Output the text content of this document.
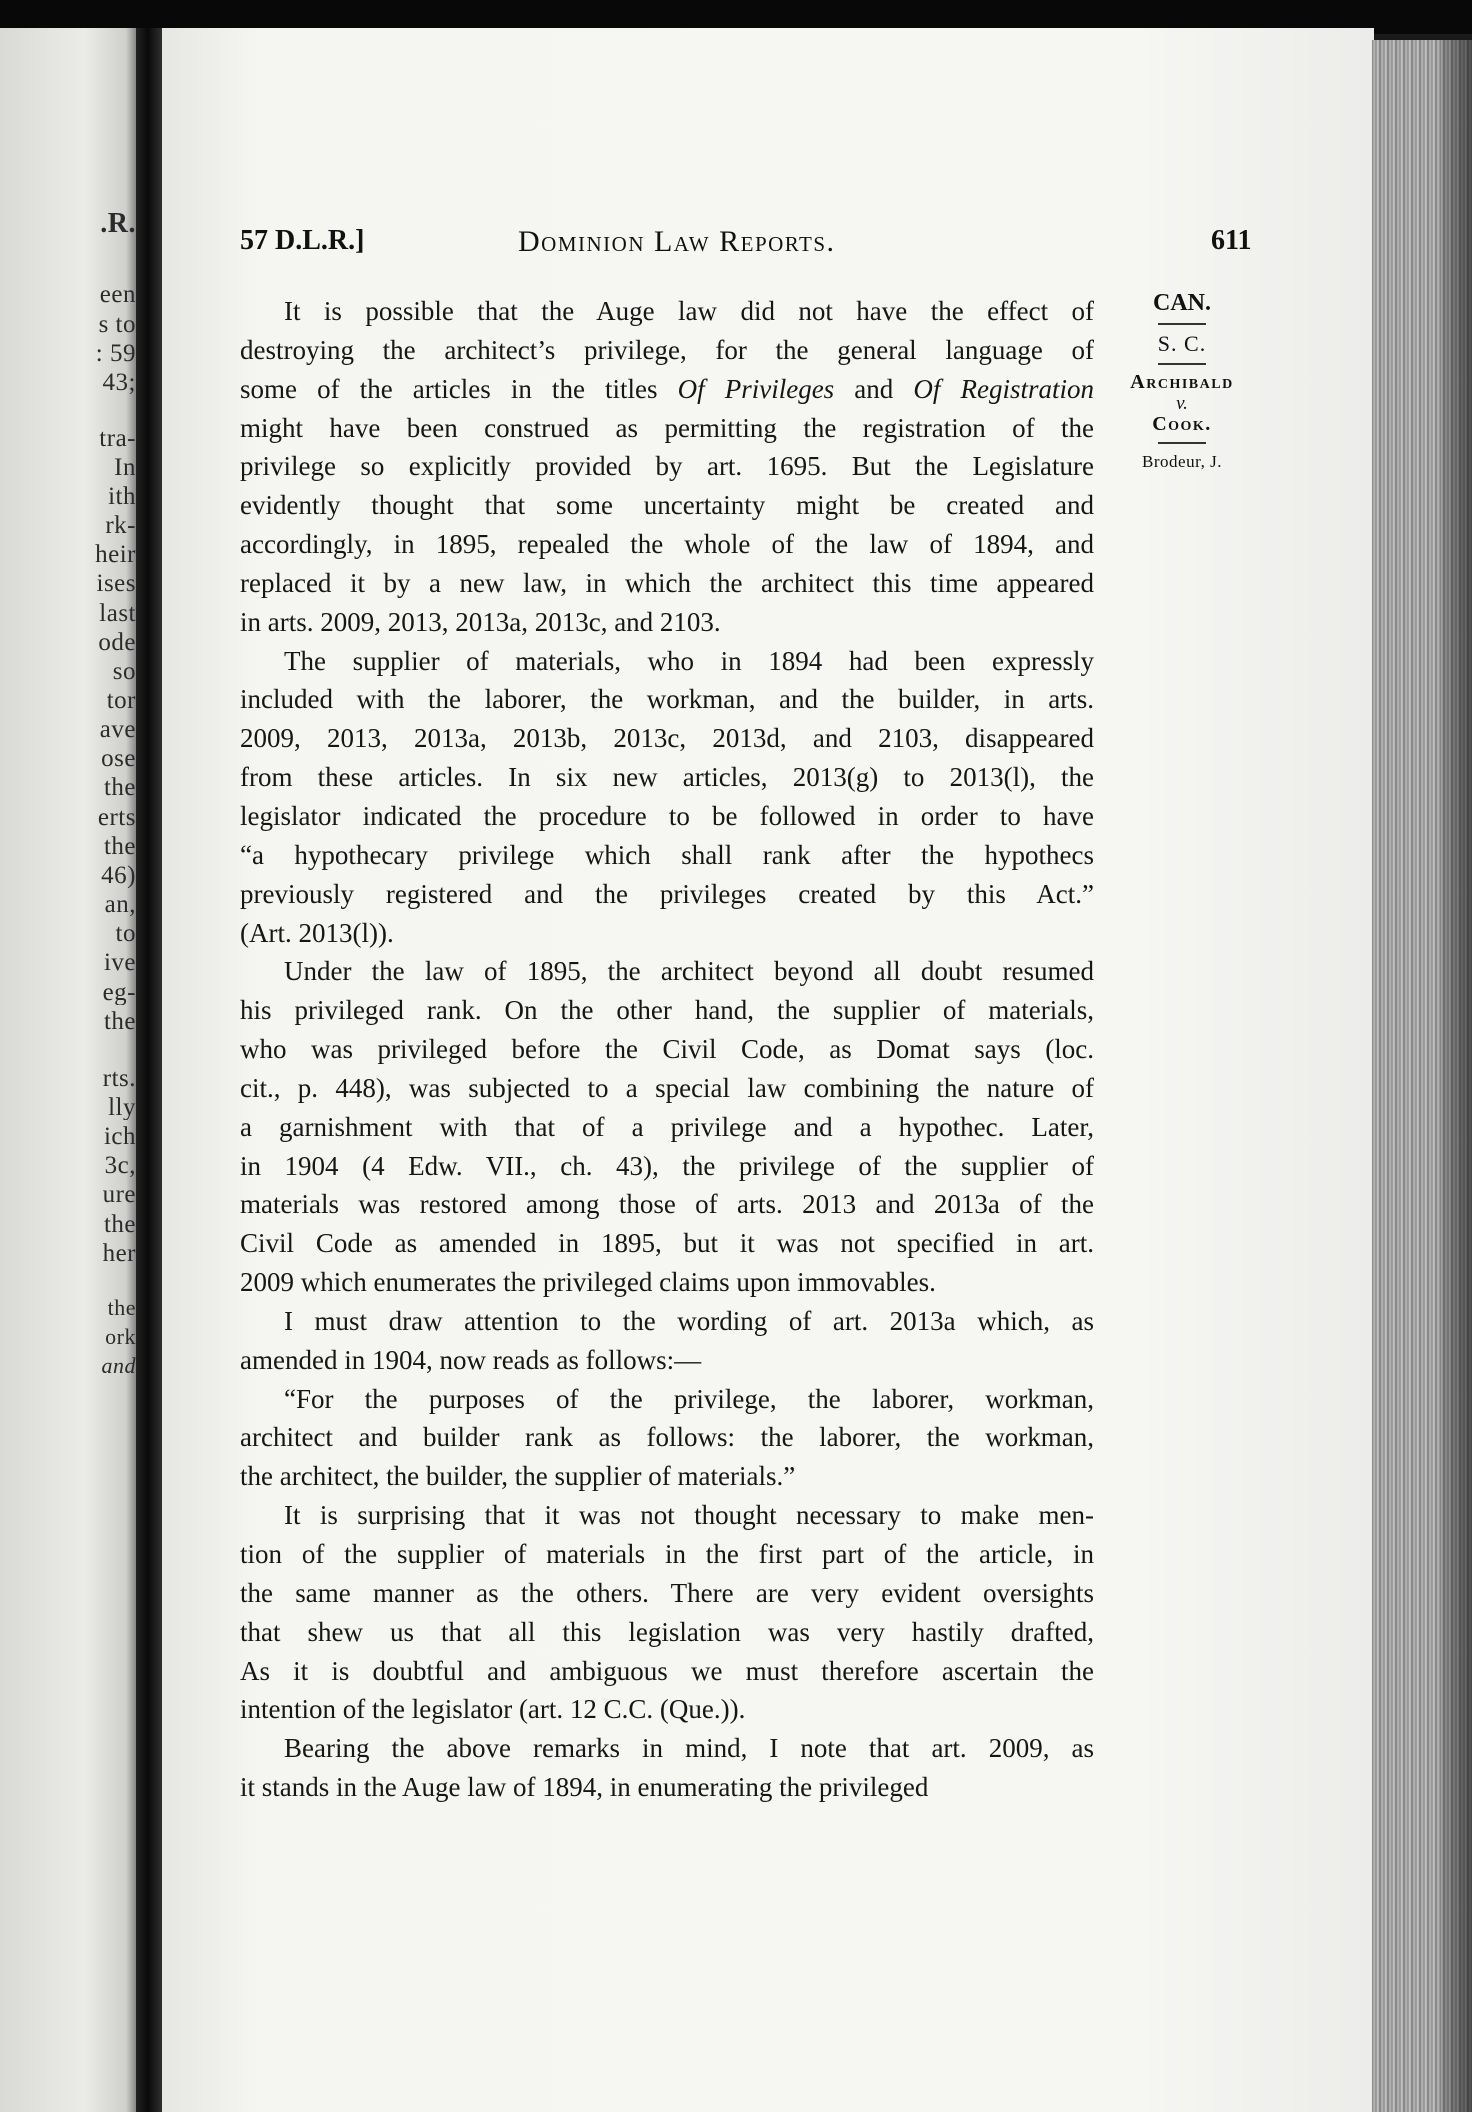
.R.
een
s to
: 59
43;
tra-
In
ith
rk-
heir
ises
last
ode
so
tor
ave
ose
the
erts
the
46)
an,
to
ive
eg-
the
rts.
lly
ich
3c,
ure
the
her
the
ork
and
57 D.L.R.]	Dominion Law Reports.	611
CAN.
S. C.
Archibald
v.
Cook.
Brodeur, J.
It is possible that the Auge law did not have the effect of
destroying the architect’s privilege, for the general language of
some of the articles in the titles Of Privileges and Of Registration
might have been construed as permitting the registration of the
privilege so explicitly provided by art. 1695. But the Legislature
evidently thought that some uncertainty might be created and
accordingly, in 1895, repealed the whole of the law of 1894, and
replaced it by a new law, in which the architect this time appeared
in arts. 2009, 2013, 2013a, 2013c, and 2103.
The supplier of materials, who in 1894 had been expressly
included with the laborer, the workman, and the builder, in arts.
2009, 2013, 2013a, 2013b, 2013c, 2013d, and 2103, disappeared
from these articles. In six new articles, 2013(g) to 2013(l), the
legislator indicated the procedure to be followed in order to have
“a hypothecary privilege which shall rank after the hypothecs
previously registered and the privileges created by this Act.”
(Art. 2013(l)).
Under the law of 1895, the architect beyond all doubt resumed
his privileged rank. On the other hand, the supplier of materials,
who was privileged before the Civil Code, as Domat says (loc.
cit., p. 448), was subjected to a special law combining the nature of
a garnishment with that of a privilege and a hypothec. Later,
in 1904 (4 Edw. VII., ch. 43), the privilege of the supplier of
materials was restored among those of arts. 2013 and 2013a of the
Civil Code as amended in 1895, but it was not specified in art.
2009 which enumerates the privileged claims upon immovables.
I must draw attention to the wording of art. 2013a which, as
amended in 1904, now reads as follows:—
“For the purposes of the privilege, the laborer, workman,
architect and builder rank as follows: the laborer, the workman,
the architect, the builder, the supplier of materials.”
It is surprising that it was not thought necessary to make men-
tion of the supplier of materials in the first part of the article, in
the same manner as the others. There are very evident oversights
that shew us that all this legislation was very hastily drafted,
As it is doubtful and ambiguous we must therefore ascertain the
intention of the legislator (art. 12 C.C. (Que.)).
Bearing the above remarks in mind, I note that art. 2009, as
it stands in the Auge law of 1894, in enumerating the privileged
